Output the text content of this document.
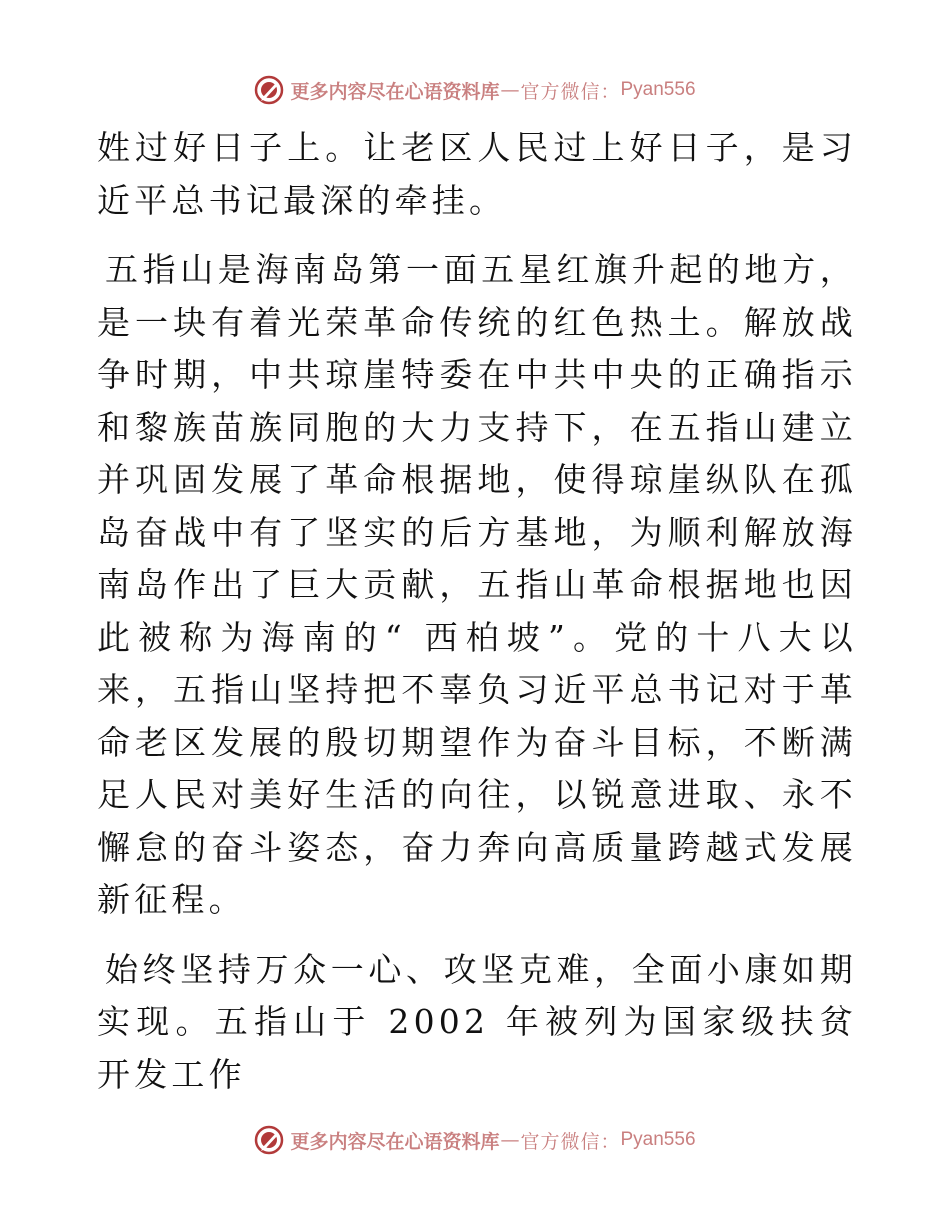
更多内容尽在心语资料库 — 官方微信： Pyan556

姓过好日子上。让老区人民过上好日子，是习近平总书记最深的牵挂。

五指山是海南岛第一面五星红旗升起的地方，是一块有着光荣革命传统的红色热土。解放战争时期，中共琼崖特委在中共中央的正确指示和黎族苗族同胞的大力支持下，在五指山建立并巩固发展了革命根据地，使得琼崖纵队在孤岛奋战中有了坚实的后方基地，为顺利解放海南岛作出了巨大贡献，五指山革命根据地也因此被称为海南的“ 西柏坡”。党的十八大以来，五指山坚持把不辜负习近平总书记对于革命老区发展的殷切期望作为奋斗目标，不断满足人民对美好生活的向往，以锐意进取、永不懈怠的奋斗姿态，奋力奔向高质量跨越式发展新征程。

始终坚持万众一心、攻坚克难，全面小康如期实现。五指山于 2002 年被列为国家级扶贫开发工作

更多内容尽在心语资料库 — 官方微信： Pyan556
